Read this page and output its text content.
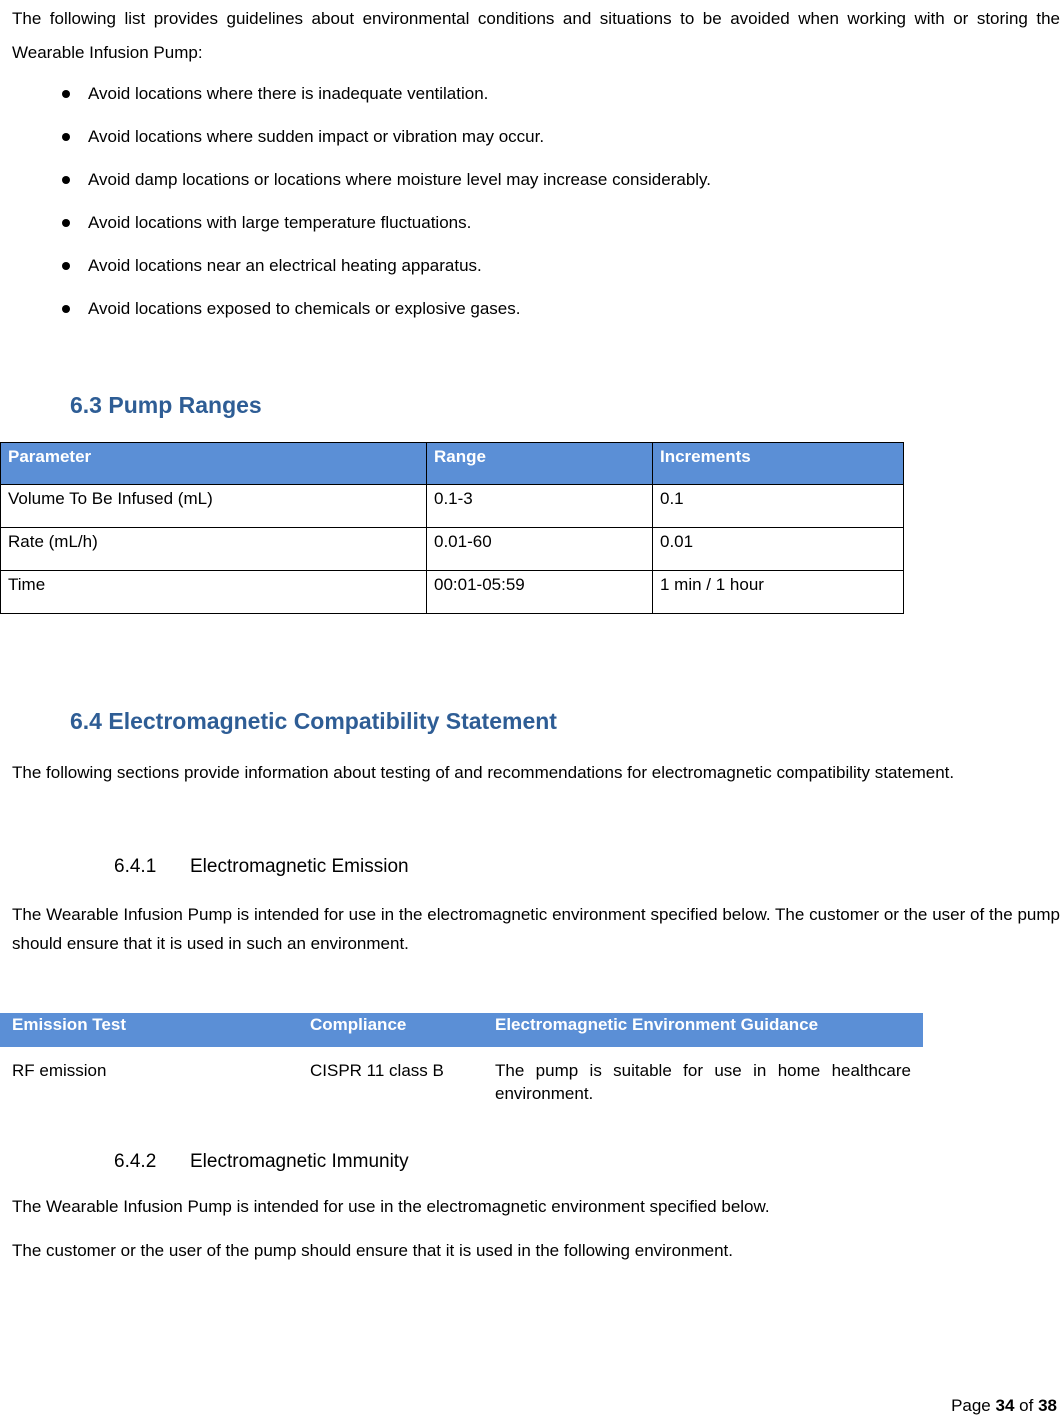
The following list provides guidelines about environmental conditions and situations to be avoided when working with or storing the Wearable Infusion Pump:
Avoid locations where there is inadequate ventilation.
Avoid locations where sudden impact or vibration may occur.
Avoid damp locations or locations where moisture level may increase considerably.
Avoid locations with large temperature fluctuations.
Avoid locations near an electrical heating apparatus.
Avoid locations exposed to chemicals or explosive gases.
6.3 Pump Ranges
Parameter	Range	Increments
Volume To Be Infused (mL)	0.1-3	0.1
Rate (mL/h)	0.01-60	0.01
Time	00:01-05:59	1 min / 1 hour
6.4 Electromagnetic Compatibility Statement
The following sections provide information about testing of and recommendations for electromagnetic compatibility statement.
6.4.1 Electromagnetic Emission
The Wearable Infusion Pump is intended for use in the electromagnetic environment specified below. The customer or the user of the pump should ensure that it is used in such an environment.
Emission Test	Compliance	Electromagnetic Environment Guidance
RF emission	CISPR 11 class B	The pump is suitable for use in home healthcare environment.
6.4.2 Electromagnetic Immunity
The Wearable Infusion Pump is intended for use in the electromagnetic environment specified below.
The customer or the user of the pump should ensure that it is used in the following environment.
Page 34 of 38
